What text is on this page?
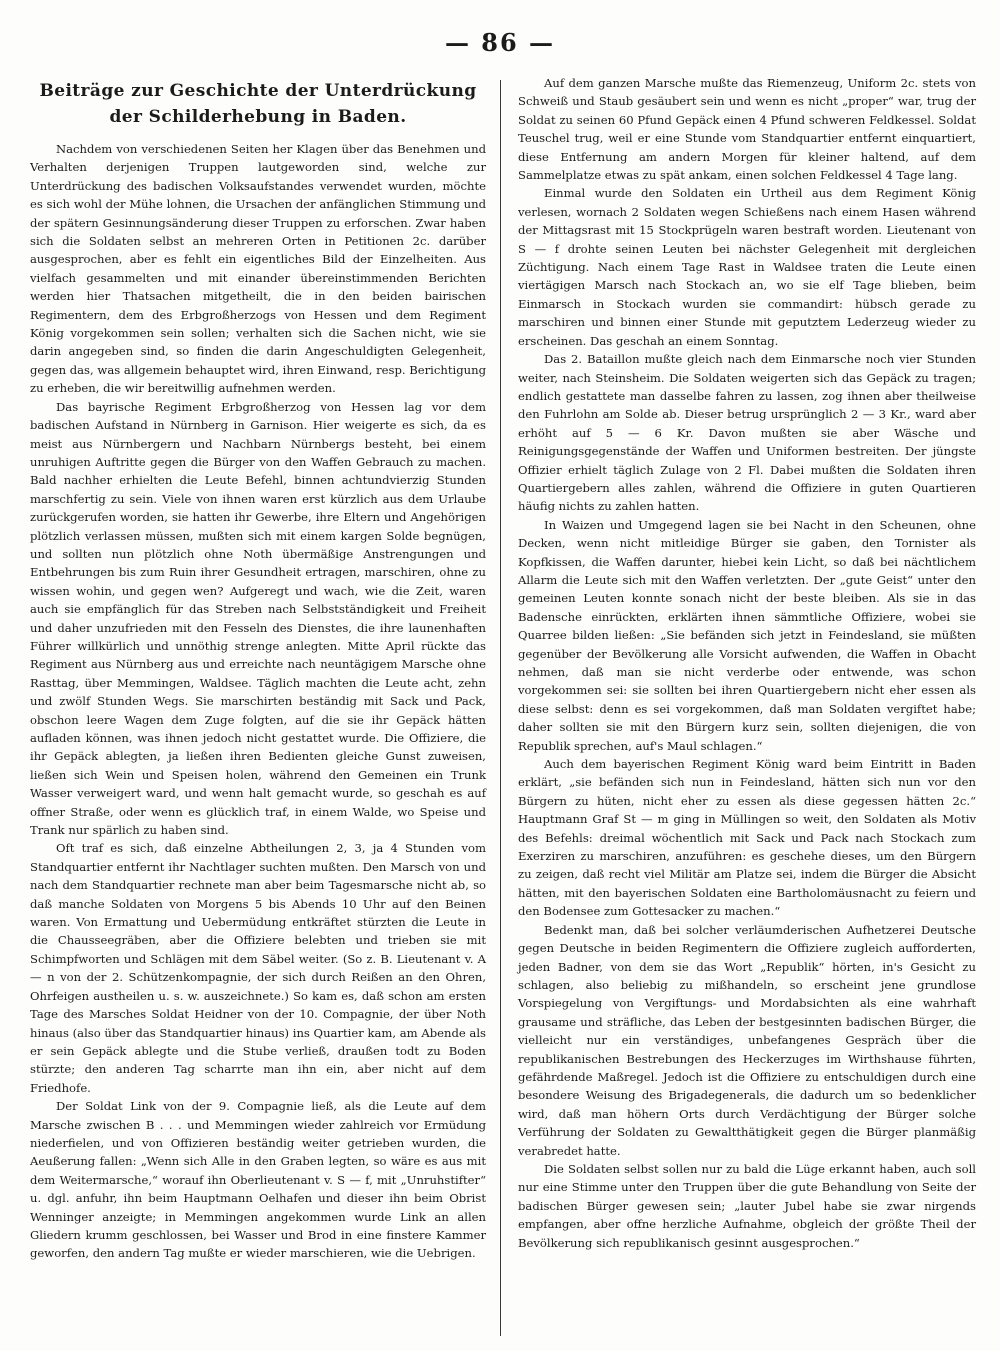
— 86 —
Beiträge zur Geschichte der Unterdrückung der Schilderhebung in Baden.

Nachdem von verschiedenen Seiten her Klagen über das Benehmen und Verhalten derjenigen Truppen lautgeworden sind, welche zur Unterdrückung des badischen Volksaufstandes verwendet wurden, möchte es sich wohl der Mühe lohnen, die Ursachen der anfänglichen Stimmung und der spätern Gesinnungsänderung dieser Truppen zu erforschen. Zwar haben sich die Soldaten selbst an mehreren Orten in Petitionen 2c. darüber ausgesprochen, aber es fehlt ein eigentliches Bild der Einzelheiten. Aus vielfach gesammelten und mit einander übereinstimmenden Berichten werden hier Thatsachen mitgetheilt, die in den beiden bairischen Regimentern, dem des Erbgroßherzogs von Hessen und dem Regiment König vorgekommen sein sollen; verhalten sich die Sachen nicht, wie sie darin angegeben sind, so finden die darin Angeschuldigten Gelegenheit, gegen das, was allgemein behauptet wird, ihren Einwand, resp. Berichtigung zu erheben, die wir bereitwillig aufnehmen werden.

Das bayrische Regiment Erbgroßherzog von Hessen lag vor dem badischen Aufstand in Nürnberg in Garnison. Hier weigerte es sich, da es meist aus Nürnbergern und Nachbarn Nürnbergs besteht, bei einem unruhigen Auftritte gegen die Bürger von den Waffen Gebrauch zu machen. Bald nachher erhielten die Leute Befehl, binnen achtundvierzig Stunden marschfertig zu sein. Viele von ihnen waren erst kürzlich aus dem Urlaube zurückgerufen worden, sie hatten ihr Gewerbe, ihre Eltern und Angehörigen plötzlich verlassen müssen, mußten sich mit einem kargen Solde begnügen, und sollten nun plötzlich ohne Noth übermäßige Anstrengungen und Entbehrungen bis zum Ruin ihrer Gesundheit ertragen, marschiren, ohne zu wissen wohin, und gegen wen? Aufgeregt und wach, wie die Zeit, waren auch sie empfänglich für das Streben nach Selbstständigkeit und Freiheit und daher unzufrieden mit den Fesseln des Dienstes, die ihre launenhaften Führer willkürlich und unnöthig strenge anlegten. Mitte April rückte das Regiment aus Nürnberg aus und erreichte nach neuntägigem Marsche ohne Rasttag, über Memmingen, Waldsee. Täglich machten die Leute acht, zehn und zwölf Stunden Wegs. Sie marschirten beständig mit Sack und Pack, obschon leere Wagen dem Zuge folgten, auf die sie ihr Gepäck hätten aufladen können, was ihnen jedoch nicht gestattet wurde. Die Offiziere, die ihr Gepäck ablegten, ja ließen ihren Bedienten gleiche Gunst zuweisen, ließen sich Wein und Speisen holen, während den Gemeinen ein Trunk Wasser verweigert ward, und wenn halt gemacht wurde, so geschah es auf offner Straße, oder wenn es glücklich traf, in einem Walde, wo Speise und Trank nur spärlich zu haben sind.

Oft traf es sich, daß einzelne Abtheilungen 2, 3, ja 4 Stunden vom Standquartier entfernt ihr Nachtlager suchten mußten. Den Marsch von und nach dem Standquartier rechnete man aber beim Tagesmarsche nicht ab, so daß manche Soldaten von Morgens 5 bis Abends 10 Uhr auf den Beinen waren. Von Ermattung und Uebermüdung entkräftet stürzten die Leute in die Chausseegräben, aber die Offiziere belebten und trieben sie mit Schimpfworten und Schlägen mit dem Säbel weiter. (So z. B. Lieutenant v. A — n von der 2. Schützenkompagnie, der sich durch Reißen an den Ohren, Ohrfeigen austheilen u. s. w. auszeichnete.) So kam es, daß schon am ersten Tage des Marsches Soldat Heidner von der 10. Compagnie, der über Noth hinaus (also über das Standquartier hinaus) ins Quartier kam, am Abende als er sein Gepäck ablegte und die Stube verließ, draußen todt zu Boden stürzte; den anderen Tag scharrte man ihn ein, aber nicht auf dem Friedhofe.

Der Soldat Link von der 9. Compagnie ließ, als die Leute auf dem Marsche zwischen B . . . und Memmingen wieder zahlreich vor Ermüdung niederfielen, und von Offizieren beständig weiter getrieben wurden, die Aeußerung fallen: „Wenn sich Alle in den Graben legten, so wäre es aus mit dem Weitermarsche,“ worauf ihn Oberlieutenant v. S — f, mit „Unruhstifter“ u. dgl. anfuhr, ihn beim Hauptmann Oelhafen und dieser ihn beim Obrist Wenninger anzeigte; in Memmingen angekommen wurde Link an allen Gliedern krumm geschlossen, bei Wasser und Brod in eine finstere Kammer geworfen, den andern Tag mußte er wieder marschieren, wie die Uebrigen.

Auf dem ganzen Marsche mußte das Riemenzeug, Uniform 2c. stets von Schweiß und Staub gesäubert sein und wenn es nicht „proper“ war, trug der Soldat zu seinen 60 Pfund Gepäck einen 4 Pfund schweren Feldkessel. Soldat Teuschel trug, weil er eine Stunde vom Standquartier entfernt einquartiert, diese Entfernung am andern Morgen für kleiner haltend, auf dem Sammelplatze etwas zu spät ankam, einen solchen Feldkessel 4 Tage lang.

Einmal wurde den Soldaten ein Urtheil aus dem Regiment König verlesen, wornach 2 Soldaten wegen Schießens nach einem Hasen während der Mittagsrast mit 15 Stockprügeln waren bestraft worden. Lieutenant von S — f drohte seinen Leuten bei nächster Gelegenheit mit dergleichen Züchtigung. Nach einem Tage Rast in Waldsee traten die Leute einen viertägigen Marsch nach Stockach an, wo sie elf Tage blieben, beim Einmarsch in Stockach wurden sie commandirt: hübsch gerade zu marschiren und binnen einer Stunde mit geputztem Lederzeug wieder zu erscheinen. Das geschah an einem Sonntag.

Das 2. Bataillon mußte gleich nach dem Einmarsche noch vier Stunden weiter, nach Steinsheim. Die Soldaten weigerten sich das Gepäck zu tragen; endlich gestattete man dasselbe fahren zu lassen, zog ihnen aber theilweise den Fuhrlohn am Solde ab. Dieser betrug ursprünglich 2 — 3 Kr., ward aber erhöht auf 5 — 6 Kr. Davon mußten sie aber Wäsche und Reinigungsgegenstände der Waffen und Uniformen bestreiten. Der jüngste Offizier erhielt täglich Zulage von 2 Fl. Dabei mußten die Soldaten ihren Quartiergebern alles zahlen, während die Offiziere in guten Quartieren häufig nichts zu zahlen hatten.

In Waizen und Umgegend lagen sie bei Nacht in den Scheunen, ohne Decken, wenn nicht mitleidige Bürger sie gaben, den Tornister als Kopfkissen, die Waffen darunter, hiebei kein Licht, so daß bei nächtlichem Allarm die Leute sich mit den Waffen verletzten. Der „gute Geist“ unter den gemeinen Leuten konnte sonach nicht der beste bleiben. Als sie in das Badensche einrückten, erklärten ihnen sämmtliche Offiziere, wobei sie Quarree bilden ließen: „Sie befänden sich jetzt in Feindesland, sie müßten gegenüber der Bevölkerung alle Vorsicht aufwenden, die Waffen in Obacht nehmen, daß man sie nicht verderbe oder entwende, was schon vorgekommen sei: sie sollten bei ihren Quartiergebern nicht eher essen als diese selbst: denn es sei vorgekommen, daß man Soldaten vergiftet habe; daher sollten sie mit den Bürgern kurz sein, sollten diejenigen, die von Republik sprechen, auf's Maul schlagen.“

Auch dem bayerischen Regiment König ward beim Eintritt in Baden erklärt, „sie befänden sich nun in Feindesland, hätten sich nun vor den Bürgern zu hüten, nicht eher zu essen als diese gegessen hätten 2c.“ Hauptmann Graf St — m ging in Müllingen so weit, den Soldaten als Motiv des Befehls: dreimal wöchentlich mit Sack und Pack nach Stockach zum Exerziren zu marschiren, anzuführen: es geschehe dieses, um den Bürgern zu zeigen, daß recht viel Militär am Platze sei, indem die Bürger die Absicht hätten, mit den bayerischen Soldaten eine Bartholomäusnacht zu feiern und den Bodensee zum Gottesacker zu machen.“

Bedenkt man, daß bei solcher verläumderischen Aufhetzerei Deutsche gegen Deutsche in beiden Regimentern die Offiziere zugleich aufforderten, jeden Badner, von dem sie das Wort „Republik“ hörten, in's Gesicht zu schlagen, also beliebig zu mißhandeln, so erscheint jene grundlose Vorspiegelung von Vergiftungs- und Mordabsichten als eine wahrhaft grausame und sträfliche, das Leben der bestgesinnten badischen Bürger, die vielleicht nur ein verständiges, unbefangenes Gespräch über die republikanischen Bestrebungen des Heckerzuges im Wirthshause führten, gefährdende Maßregel. Jedoch ist die Offiziere zu entschuldigen durch eine besondere Weisung des Brigadegenerals, die dadurch um so bedenklicher wird, daß man höhern Orts durch Verdächtigung der Bürger solche Verführung der Soldaten zu Gewaltthätigkeit gegen die Bürger planmäßig verabredet hatte.

Die Soldaten selbst sollen nur zu bald die Lüge erkannt haben, auch soll nur eine Stimme unter den Truppen über die gute Behandlung von Seite der badischen Bürger gewesen sein; „lauter Jubel habe sie zwar nirgends empfangen, aber offne herzliche Aufnahme, obgleich der größte Theil der Bevölkerung sich republikanisch gesinnt ausgesprochen.“
